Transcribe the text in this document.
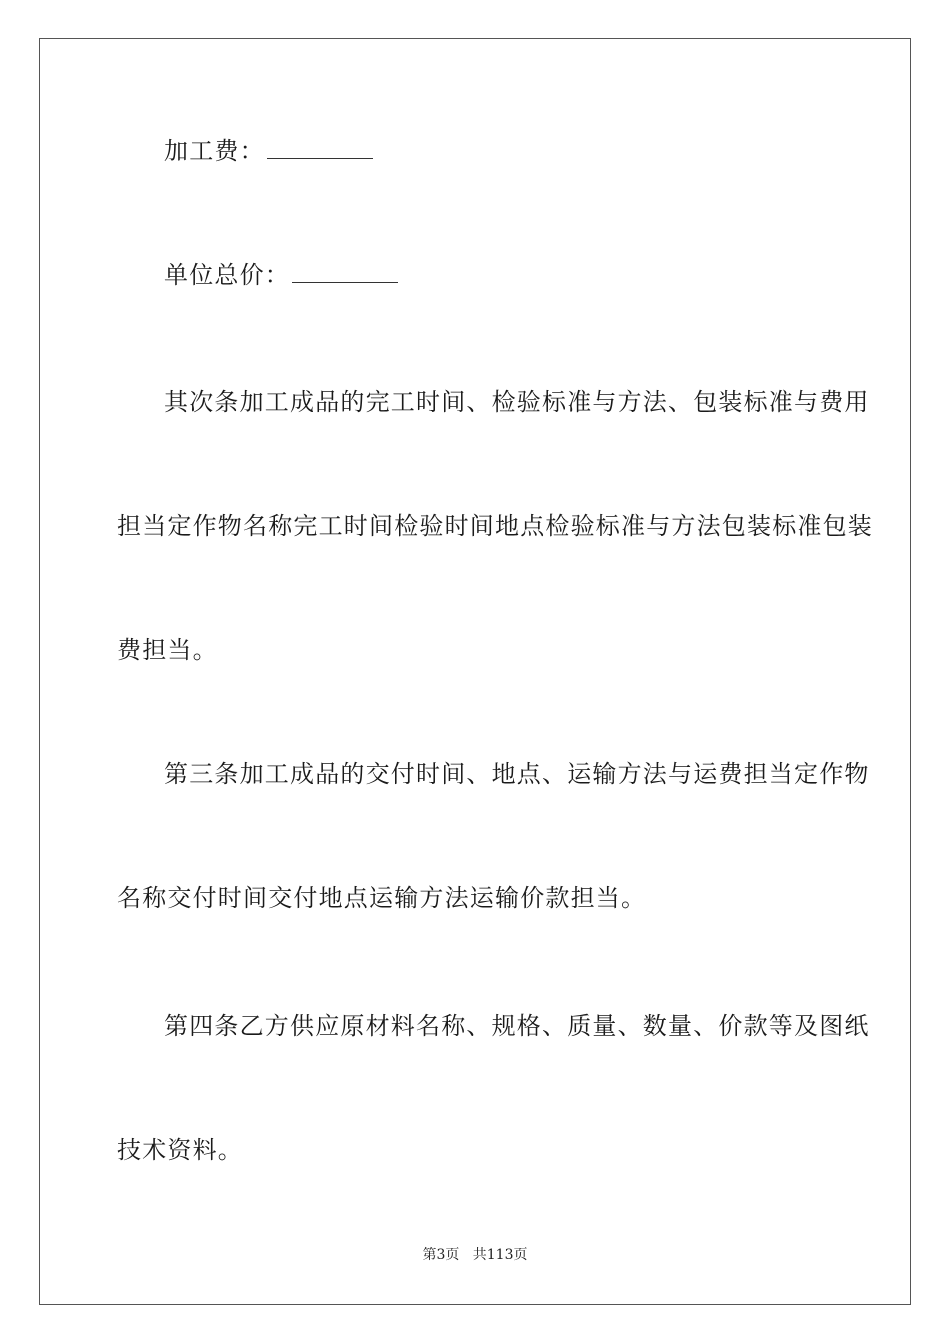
加工费：
单位总价：
其次条加工成品的完工时间、检验标准与方法、包装标准与费用
担当定作物名称完工时间检验时间地点检验标准与方法包装标准包装
费担当。
第三条加工成品的交付时间、地点、运输方法与运费担当定作物
名称交付时间交付地点运输方法运输价款担当。
第四条乙方供应原材料名称、规格、质量、数量、价款等及图纸
技术资料。
第3页 共113页
